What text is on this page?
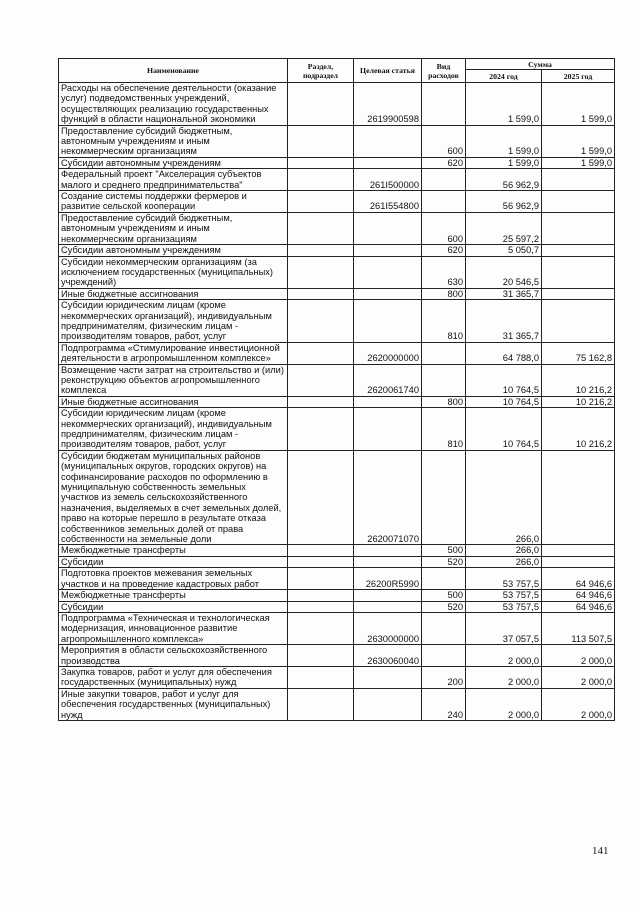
Наименование	Раздел, подраздел	Целевая статья	Вид расходов	Сумма	
				2024 год	2025 год
Расходы на обеспечение деятельности (оказание услуг) подведомственных учреждений, осуществляющих реализацию государственных функций в области национальной экономики		2619900598		1 599,0	1 599,0
Предоставление субсидий бюджетным, автономным учреждениям и иным некоммерческим организациям			600	1 599,0	1 599,0
Субсидии автономным учреждениям			620	1 599,0	1 599,0
Федеральный проект "Акселерация субъектов малого и среднего предпринимательства"		261I500000		56 962,9	
Создание системы поддержки фермеров и развитие сельской кооперации		261I554800		56 962,9	
Предоставление субсидий бюджетным, автономным учреждениям и иным некоммерческим организациям			600	25 597,2	
Субсидии автономным учреждениям			620	5 050,7	
Субсидии некоммерческим организациям (за исключением государственных (муниципальных) учреждений)			630	20 546,5	
Иные бюджетные ассигнования			800	31 365,7	
Субсидии юридическим лицам (кроме некоммерческих организаций), индивидуальным предпринимателям, физическим лицам - производителям товаров, работ, услуг			810	31 365,7	
Подпрограмма «Стимулирование инвестиционной деятельности в агропромышленном комплексе»		2620000000		64 788,0	75 162,8
Возмещение части затрат на строительство и (или) реконструкцию объектов агропромышленного комплекса		2620061740		10 764,5	10 216,2
Иные бюджетные ассигнования			800	10 764,5	10 216,2
Субсидии юридическим лицам (кроме некоммерческих организаций), индивидуальным предпринимателям, физическим лицам - производителям товаров, работ, услуг			810	10 764,5	10 216,2
Субсидии бюджетам муниципальных районов (муниципальных округов, городских округов) на софинансирование расходов по оформлению в муниципальную собственность земельных участков из земель сельскохозяйственного назначения, выделяемых в счет земельных долей, право на которые перешло в результате отказа собственников земельных долей от права собственности на земельные доли		2620071070		266,0	
Межбюджетные трансферты			500	266,0	
Субсидии			520	266,0	
Подготовка проектов межевания земельных участков и на проведение кадастровых работ		26200R5990		53 757,5	64 946,6
Межбюджетные трансферты			500	53 757,5	64 946,6
Субсидии			520	53 757,5	64 946,6
Подпрограмма «Техническая и технологическая модернизация, инновационное развитие агропромышленного комплекса»		2630000000		37 057,5	113 507,5
Мероприятия в области сельскохозяйственного производства		2630060040		2 000,0	2 000,0
Закупка товаров, работ и услуг для обеспечения государственных (муниципальных) нужд			200	2 000,0	2 000,0
Иные закупки товаров, работ и услуг для обеспечения государственных (муниципальных) нужд			240	2 000,0	2 000,0
141
